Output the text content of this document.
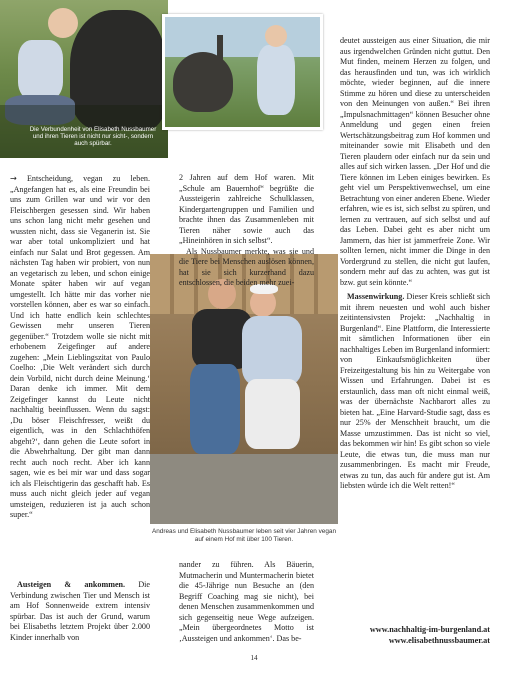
Die Verbundenheit von Elisabeth Nussbaumer und ihren Tieren ist nicht nur sicht-, sondern auch spürbar.
Andreas und Elisabeth Nussbaumer leben seit vier Jahren vegan auf einem Hof mit über 100 Tieren.

→ Entscheidung, vegan zu leben. „Angefangen hat es, als eine Freundin bei uns zum Grillen war und wir vor den Fleischbergen gesessen sind. Wir haben uns schon lang nicht mehr gesehen und wussten nicht, dass sie Veganerin ist. Sie war aber total unkompliziert und hat einfach nur Salat und Brot gegessen. Am nächsten Tag haben wir probiert, von nun an vegetarisch zu leben, und schon einige Monate später haben wir auf vegan umgestellt. Ich hätte mir das vorher nie vorstellen können, aber es war so einfach. Und ich hatte endlich kein schlechtes Gewissen mehr unseren Tieren gegenüber.“ Trotzdem wolle sie nicht mit erhobenem Zeigefinger auf andere zugehen: „Mein Lieblingszitat von Paulo Coelho: ‚Die Welt verändert sich durch dein Vorbild, nicht durch deine Meinung.‘ Daran denke ich immer. Mit dem Zeigefinger kannst du Leute nicht nachhaltig beeinflussen. Wenn du sagst: ‚Du böser Fleischfresser, weißt du eigentlich, was in den Schlachthöfen abgeht?‘, dann gehen die Leute sofort in die Abwehrhaltung. Der gibt man dann recht auch noch recht. Aber ich kann sagen, wie es bei mir war und dass sogar ich als Fleischtigerin das geschafft hab. Es muss auch nicht gleich jeder auf vegan umsteigen, reduzieren ist ja auch schon super.“

Austeigen & ankommen. Die Verbindung zwischen Tier und Mensch ist am Hof Sonnenweide extrem intensiv spürbar. Das ist auch der Grund, warum bei Elisabeths letztem Projekt über 2.000 Kinder innerhalb von

2 Jahren auf dem Hof waren. Mit „Schule am Bauernhof“ begrüßte die Aussteigerin zahlreiche Schulklassen, Kindergartengruppen und Familien und brachte ihnen das Zusammenleben mit Tieren näher sowie auch das „Hineinhören in sich selbst“.

Als Nussbaumer merkte, was sie und die Tiere bei Menschen auslösen können, hat sie sich kurzerhand dazu entschlossen, die beiden mehr zuei-

nander zu führen. Als Bäuerin, Mutmacherin und Muntermacherin bietet die 45-Jährige nun Besuche an (den Begriff Coaching mag sie nicht), bei denen Menschen zusammenkommen und sich gegenseitig neue Wege aufzeigen. „Mein übergeordnetes Motto ist ‚Aussteigen und ankommen‘. Das be-

deutet aussteigen aus einer Situation, die mir aus irgendwelchen Gründen nicht guttut. Den Mut finden, meinem Herzen zu folgen, und das herausfinden und tun, was ich wirklich möchte, wieder beginnen, auf die innere Stimme zu hören und diese zu unterscheiden von den Meinungen von außen.“ Bei ihren „Impulsnachmittagen“ können Besucher ohne Anmeldung und gegen einen freien Wertschätzungsbeitrag zum Hof kommen und miteinander sowie mit Elisabeth und den Tieren plaudern oder einfach nur da sein und alles auf sich wirken lassen. „Der Hof und die Tiere können im Leben einiges bewirken. Es geht viel um Perspektivenwechsel, um eine Betrachtung von einer anderen Ebene. Wieder erfahren, wie es ist, sich selbst zu spüren, und lernen zu vertrauen, auf sich selbst und auf das Leben. Dabei geht es aber nicht um Jammern, das hier ist jammerfreie Zone. Wir sollten lernen, nicht immer die Dinge in den Vordergrund zu stellen, die nicht gut laufen, sondern mehr auf das zu achten, was gut ist bzw. gut sein könnte.“

Massenwirkung. Dieser Kreis schließt sich mit ihrem neuesten und wohl auch bisher zeitintensivsten Projekt: „Nachhaltig in Burgenland“. Eine Plattform, die Interessierte mit sämtlichen Informationen über ein nachhaltiges Leben im Burgenland informiert: von Einkaufsmöglichkeiten über Freizeitgestaltung bis hin zu Weitergabe von Wissen und Erfahrungen. Dabei ist es erstaunlich, dass man oft nicht einmal weiß, was der übernächste Nachbarort alles zu bieten hat. „Eine Harvard-Studie sagt, dass es nur 25% der Menschheit braucht, um die Masse umzustimmen. Das ist nicht so viel, das bekommen wir hin! Es gibt schon so viele Leute, die etwas tun, die muss man nur zusammenbringen. Es macht mir Freude, etwas zu tun, das auch für andere gut ist. Am liebsten würde ich die Welt retten!“

www.nachhaltig-im-burgenland.at
www.elisabethnussbaumer.at
14
